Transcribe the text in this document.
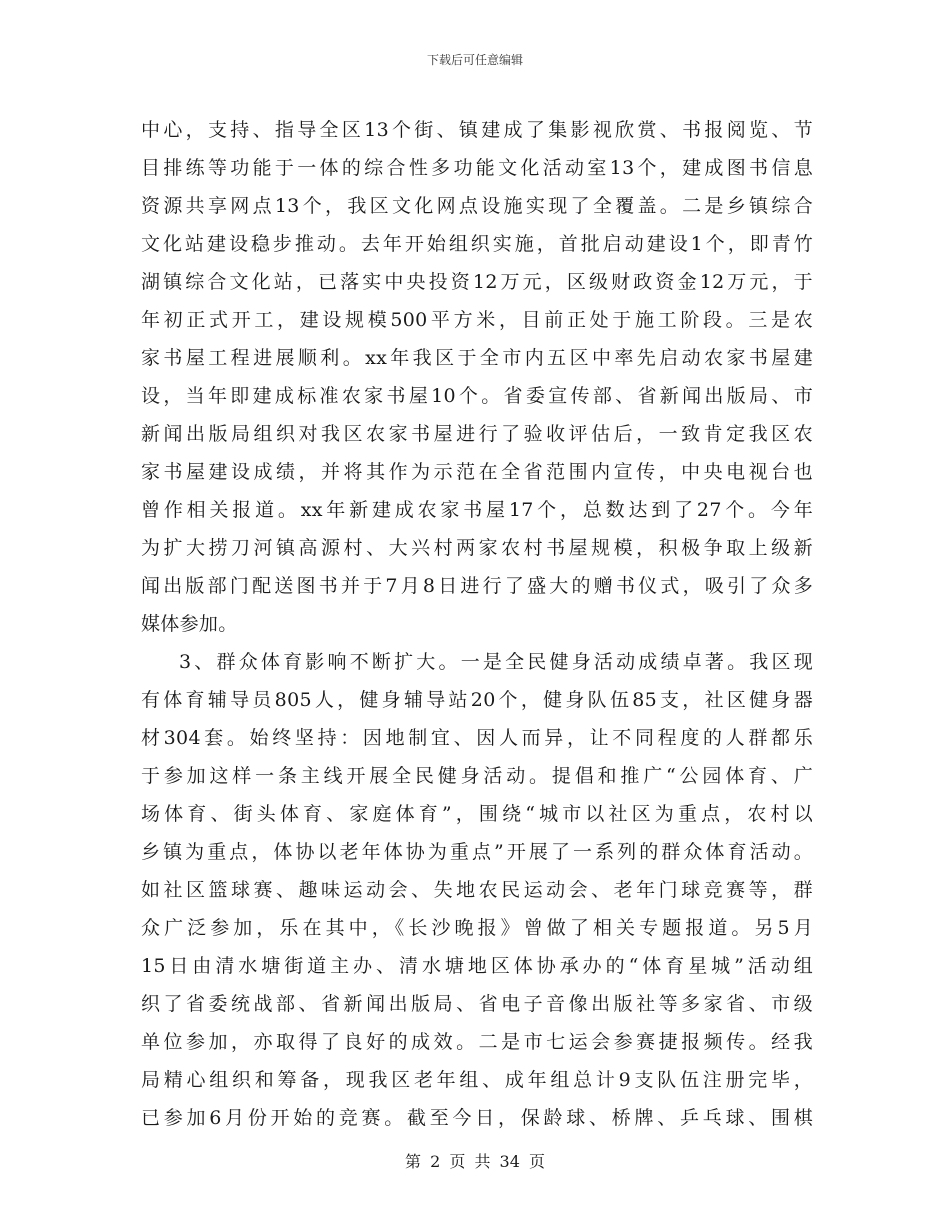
下载后可任意编辑
中心，支持、指导全区13个街、镇建成了集影视欣赏、书报阅览、节
目排练等功能于一体的综合性多功能文化活动室13个，建成图书信息
资源共享网点13个，我区文化网点设施实现了全覆盖。二是乡镇综合
文化站建设稳步推动。去年开始组织实施，首批启动建设1个，即青竹
湖镇综合文化站，已落实中央投资12万元，区级财政资金12万元，于
年初正式开工，建设规模500平方米，目前正处于施工阶段。三是农
家书屋工程进展顺利。xx年我区于全市内五区中率先启动农家书屋建
设，当年即建成标准农家书屋10个。省委宣传部、省新闻出版局、市
新闻出版局组织对我区农家书屋进行了验收评估后，一致肯定我区农
家书屋建设成绩，并将其作为示范在全省范围内宣传，中央电视台也
曾作相关报道。xx年新建成农家书屋17个，总数达到了27个。今年
为扩大捞刀河镇高源村、大兴村两家农村书屋规模，积极争取上级新
闻出版部门配送图书并于7月8日进行了盛大的赠书仪式，吸引了众多
媒体参加。
3、群众体育影响不断扩大。一是全民健身活动成绩卓著。我区现
有体育辅导员805人，健身辅导站20个，健身队伍85支，社区健身器
材304套。始终坚持：因地制宜、因人而异，让不同程度的人群都乐
于参加这样一条主线开展全民健身活动。提倡和推广“公园体育、广
场体育、街头体育、家庭体育”，围绕“城市以社区为重点，农村以
乡镇为重点，体协以老年体协为重点”开展了一系列的群众体育活动。
如社区篮球赛、趣味运动会、失地农民运动会、老年门球竞赛等，群
众广泛参加，乐在其中，《长沙晚报》曾做了相关专题报道。另5月
15日由清水塘街道主办、清水塘地区体协承办的“体育星城”活动组
织了省委统战部、省新闻出版局、省电子音像出版社等多家省、市级
单位参加，亦取得了良好的成效。二是市七运会参赛捷报频传。经我
局精心组织和筹备，现我区老年组、成年组总计9支队伍注册完毕，
已参加6月份开始的竞赛。截至今日，保龄球、桥牌、乒乓球、围棋
第 2 页 共 34 页
